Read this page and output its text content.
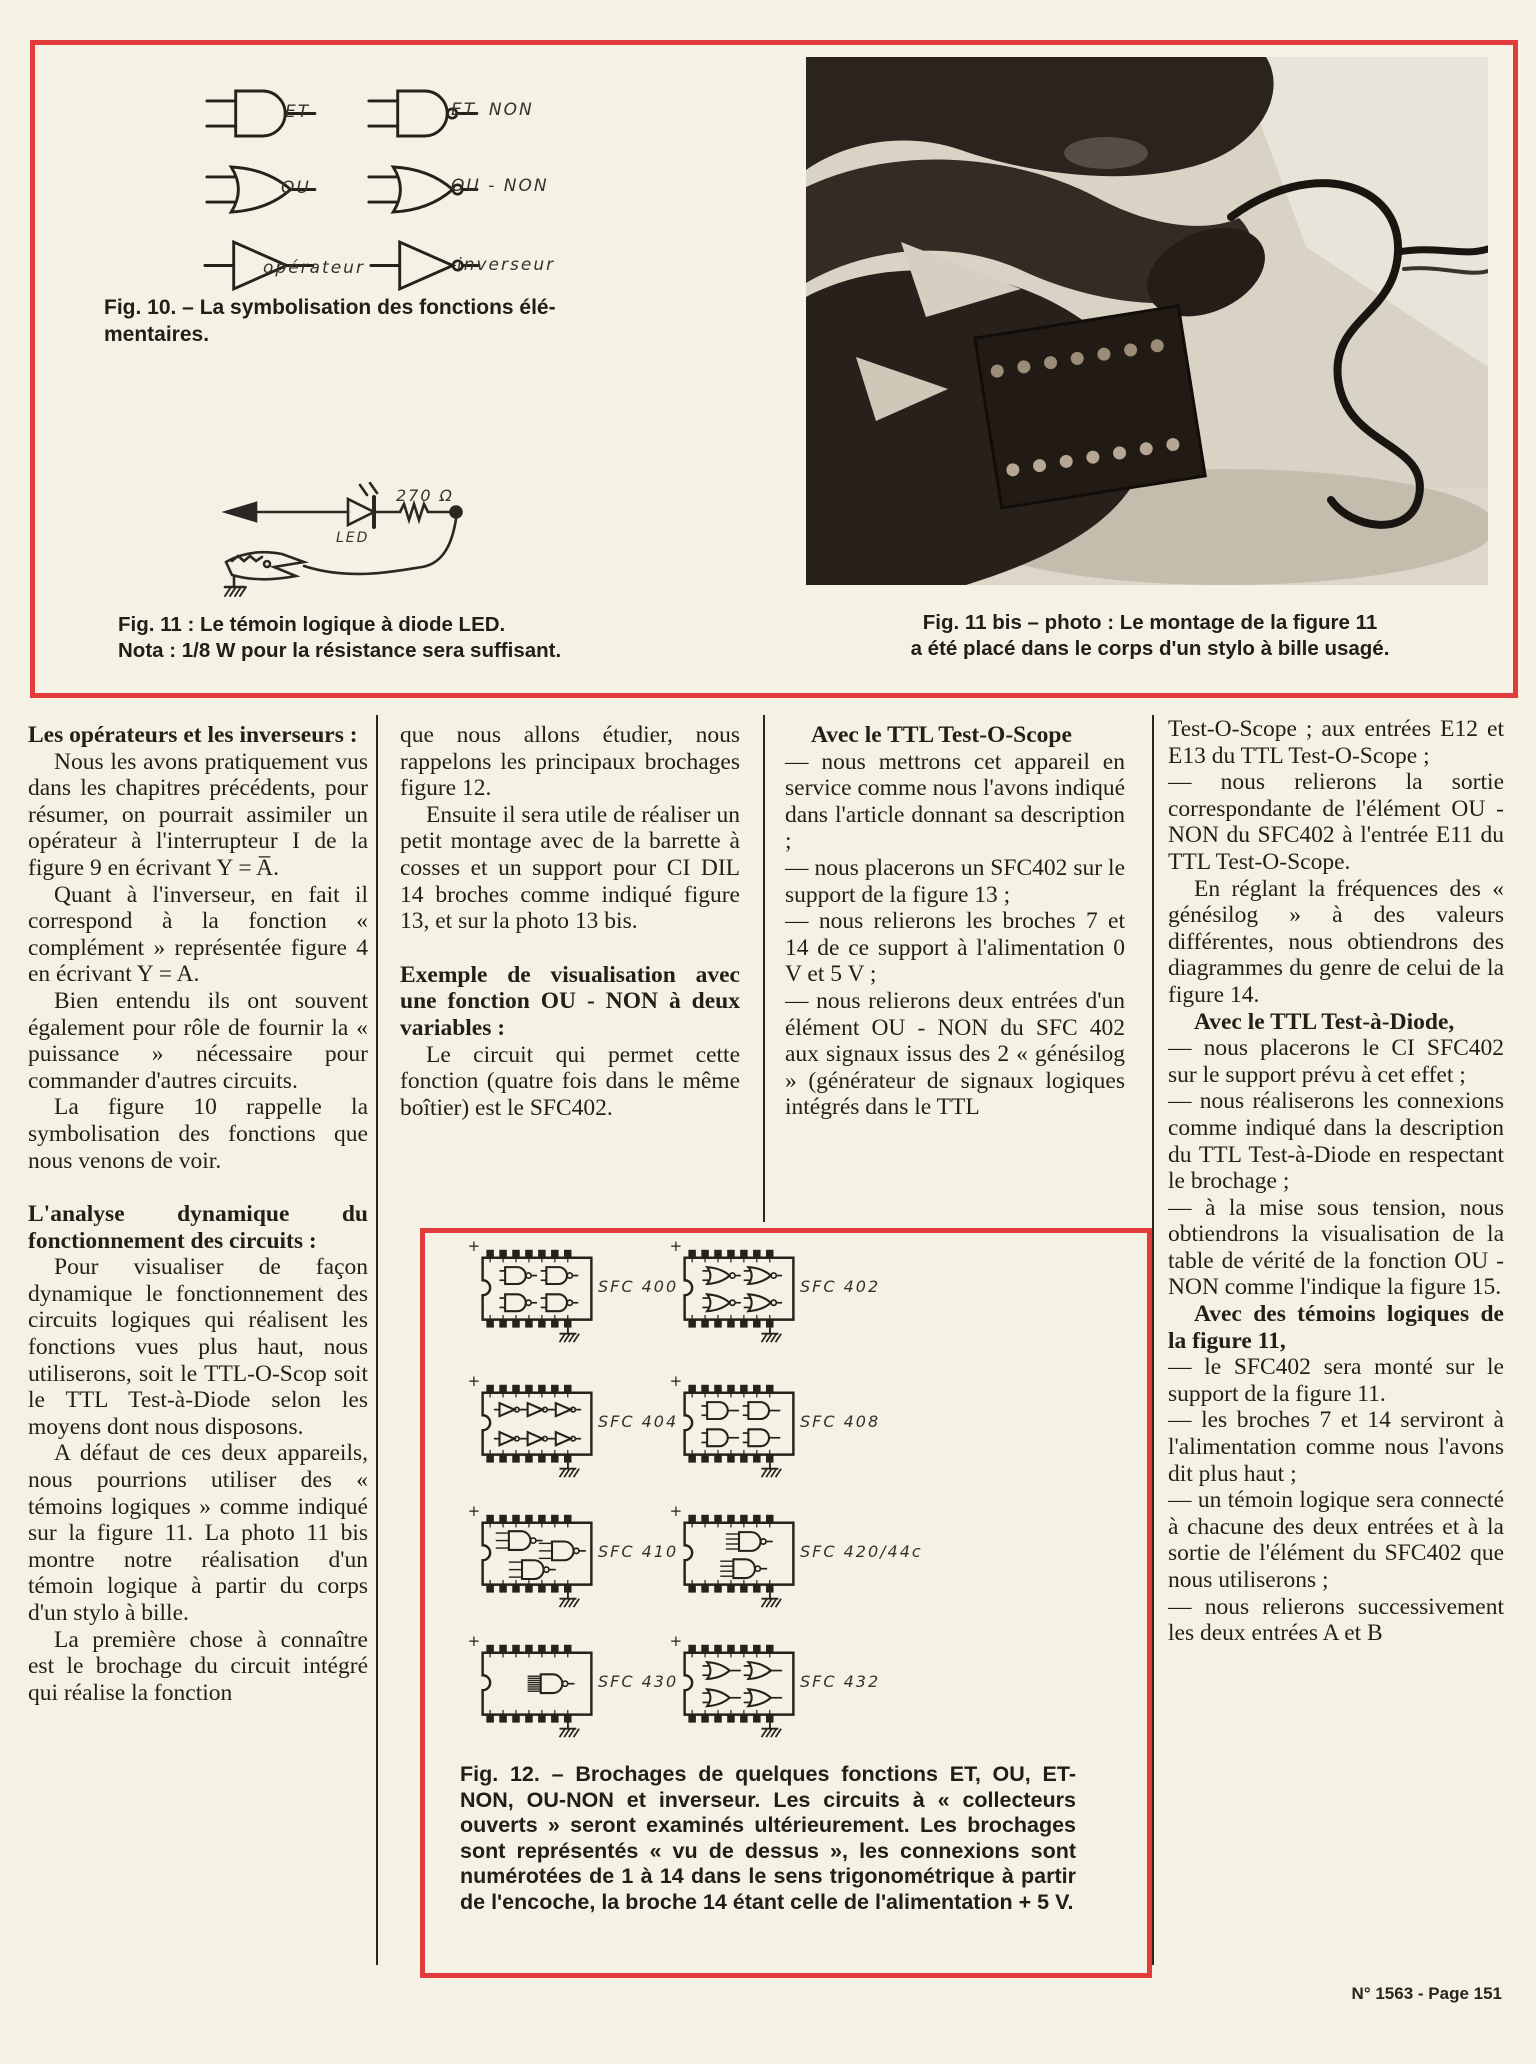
ET	ET. NON
OU	OU - NON
opérateur	inverseur
Fig. 10. – La symbolisation des fonctions élé-
mentaires.
270 Ω
LED
Fig. 11 : Le témoin logique à diode LED.
Nota : 1/8 W pour la résistance sera suffisant.
Fig. 11 bis – photo : Le montage de la figure 11
a été placé dans le corps d'un stylo à bille usagé.

Les opérateurs et les inverseurs :

Nous les avons pratiquement vus dans les chapitres précédents, pour résumer, on pourrait assimiler un opérateur à l'interrupteur I de la figure 9 en écrivant Y = A̅.

Quant à l'inverseur, en fait il correspond à la fonction « complément » représentée figure 4 en écrivant Y = A.

Bien entendu ils ont souvent également pour rôle de fournir la « puissance » nécessaire pour commander d'autres circuits.

La figure 10 rappelle la symbolisation des fonctions que nous venons de voir.

L'analyse dynamique du fonctionnement des circuits :

Pour visualiser de façon dynamique le fonctionnement des circuits logiques qui réalisent les fonctions vues plus haut, nous utiliserons, soit le TTL-O-Scop soit le TTL Test-à-Diode selon les moyens dont nous disposons.

A défaut de ces deux appareils, nous pourrions utiliser des « témoins logiques » comme indiqué sur la figure 11. La photo 11 bis montre notre réalisation d'un témoin logique à partir du corps d'un stylo à bille.

La première chose à connaître est le brochage du circuit intégré qui réalise la fonction

que nous allons étudier, nous rappelons les principaux brochages figure 12.

Ensuite il sera utile de réaliser un petit montage avec de la barrette à cosses et un support pour CI DIL 14 broches comme indiqué figure 13, et sur la photo 13 bis.

Exemple de visualisation avec une fonction OU - NON à deux variables :

Le circuit qui permet cette fonction (quatre fois dans le même boîtier) est le SFC402.

Avec le TTL Test-O-Scope

— nous mettrons cet appareil en service comme nous l'avons indiqué dans l'article donnant sa description ;

— nous placerons un SFC402 sur le support de la figure 13 ;

— nous relierons les broches 7 et 14 de ce support à l'alimentation 0 V et 5 V ;

— nous relierons deux entrées d'un élément OU - NON du SFC 402 aux signaux issus des 2 « génésilog » (générateur de signaux logiques intégrés dans le TTL

Test-O-Scope ; aux entrées E12 et E13 du TTL Test-O-Scope ;

— nous relierons la sortie correspondante de l'élément OU - NON du SFC402 à l'entrée E11 du TTL Test-O-Scope.

En réglant la fréquences des « génésilog » à des valeurs différentes, nous obtiendrons des diagrammes du genre de celui de la figure 14.

Avec le TTL Test-à-Diode,

— nous placerons le CI SFC402 sur le support prévu à cet effet ;

— nous réaliserons les connexions comme indiqué dans la description du TTL Test-à-Diode en respectant le brochage ;

— à la mise sous tension, nous obtiendrons la visualisation de la table de vérité de la fonction OU - NON comme l'indique la figure 15.

Avec des témoins logiques de la figure 11,

— le SFC402 sera monté sur le support de la figure 11.

— les broches 7 et 14 serviront à l'alimentation comme nous l'avons dit plus haut ;

— un témoin logique sera connecté à chacune des deux entrées et à la sortie de l'élément du SFC402 que nous utiliserons ;

— nous relierons successivement les deux entrées A et B

+
SFC 400
+
SFC 402
+
SFC 404
+
SFC 408
+
SFC 410
+
SFC 420/44c
+
SFC 430
+
SFC 432
Fig. 12. – Brochages de quelques fonctions ET, OU, ET-NON, OU-NON et inverseur. Les circuits à « collecteurs ouverts » seront examinés ultérieurement. Les brochages sont représentés « vu de dessus », les connexions sont numérotées de 1 à 14 dans le sens trigonométrique à partir de l'encoche, la broche 14 étant celle de l'alimentation + 5 V.
N° 1563 - Page 151
